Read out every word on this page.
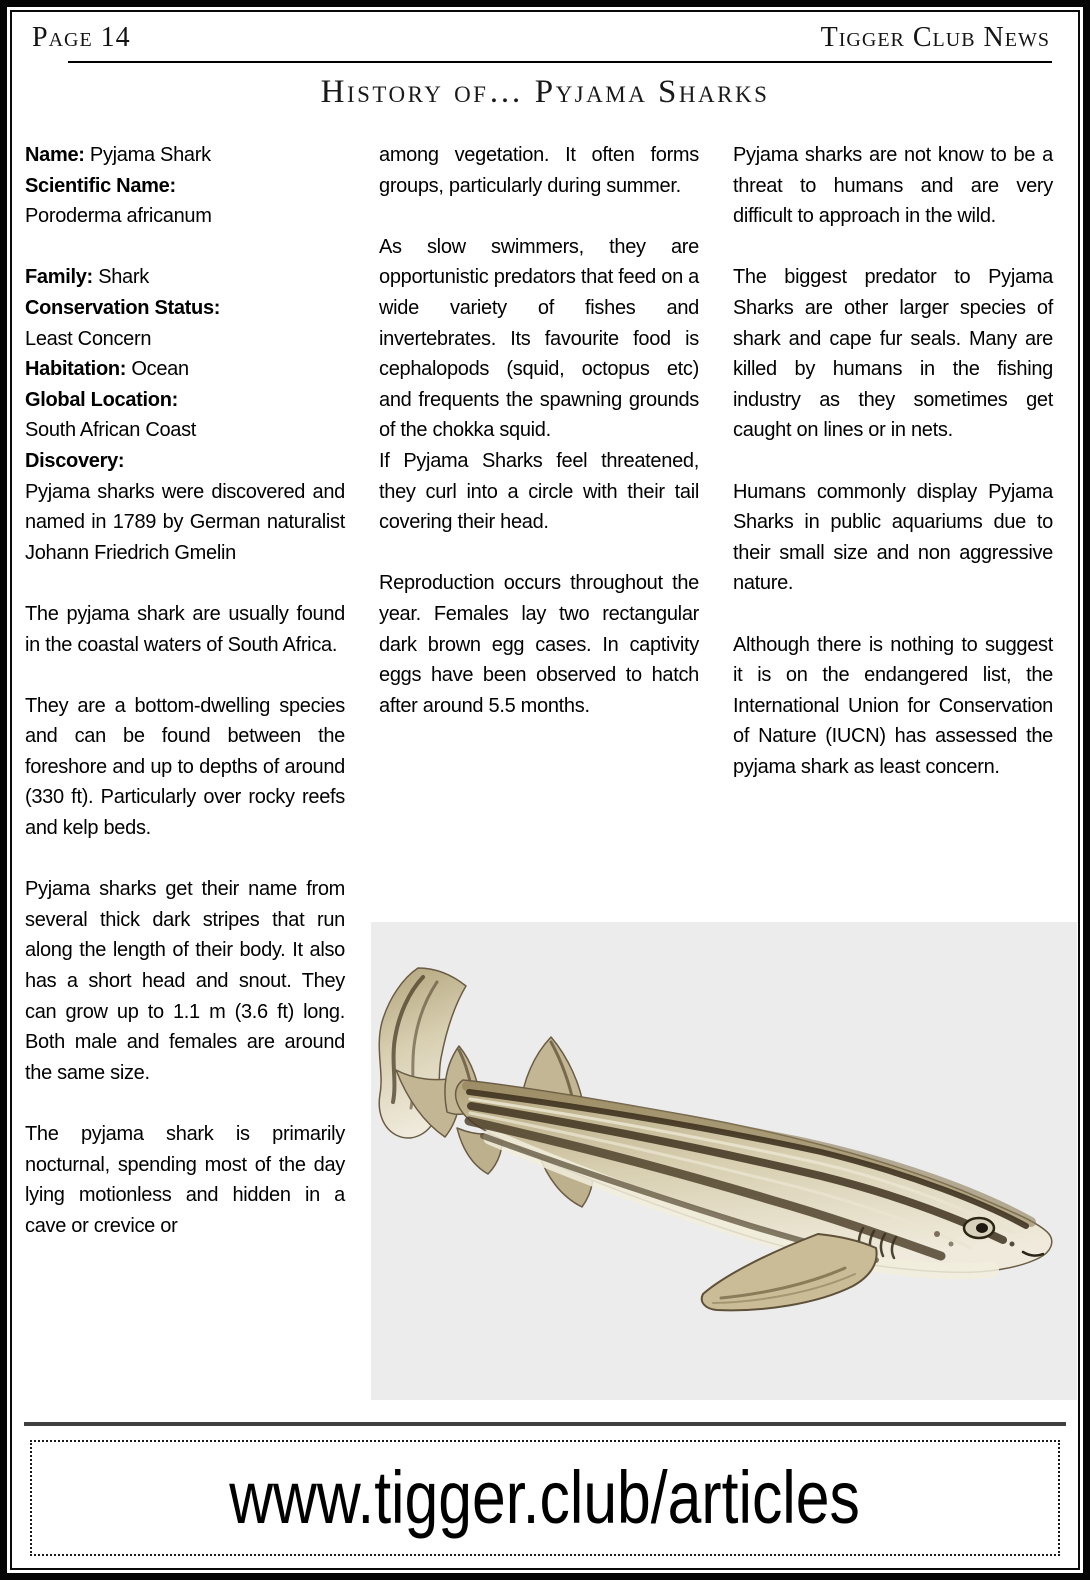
Page 14	Tigger Club News
History of… Pyjama Sharks
Name: Pyjama Shark
Scientific Name:
Poroderma africanum
Family: Shark
Conservation Status:
Least Concern
Habitation: Ocean
Global Location:
South African Coast
Discovery:

Pyjama sharks were discovered and named in 1789 by German naturalist Johann Friedrich Gmelin

The pyjama shark are usually found in the coastal waters of South Africa.

They are a bottom-dwelling species and can be found between the foreshore and up to depths of around (330 ft). Particularly over rocky reefs and kelp beds.

Pyjama sharks get their name from several thick dark stripes that run along the length of their body. It also has a short head and snout. They can grow up to 1.1 m (3.6 ft) long. Both male and females are around the same size.

The pyjama shark is primarily nocturnal, spending most of the day lying motionless and hidden in a cave or crevice or

among vegetation. It often forms groups, particularly during summer.

As slow swimmers, they are opportunistic predators that feed on a wide variety of fishes and invertebrates. Its favourite food is cephalopods (squid, octopus etc) and frequents the spawning grounds of the chokka squid.

If Pyjama Sharks feel threatened, they curl into a circle with their tail covering their head.

Reproduction occurs throughout the year. Females lay two rectangular dark brown egg cases. In captivity eggs have been observed to hatch after around 5.5 months.

Pyjama sharks are not know to be a threat to humans and are very difficult to approach in the wild.

The biggest predator to Pyjama Sharks are other larger species of shark and cape fur seals. Many are killed by humans in the fishing industry as they sometimes get caught on lines or in nets.

Humans commonly display Pyjama Sharks in public aquariums due to their small size and non aggressive nature.

Although there is nothing to suggest it is on the endangered list, the International Union for Conservation of Nature (IUCN) has assessed the pyjama shark as least concern.

www.tigger.club/articles
